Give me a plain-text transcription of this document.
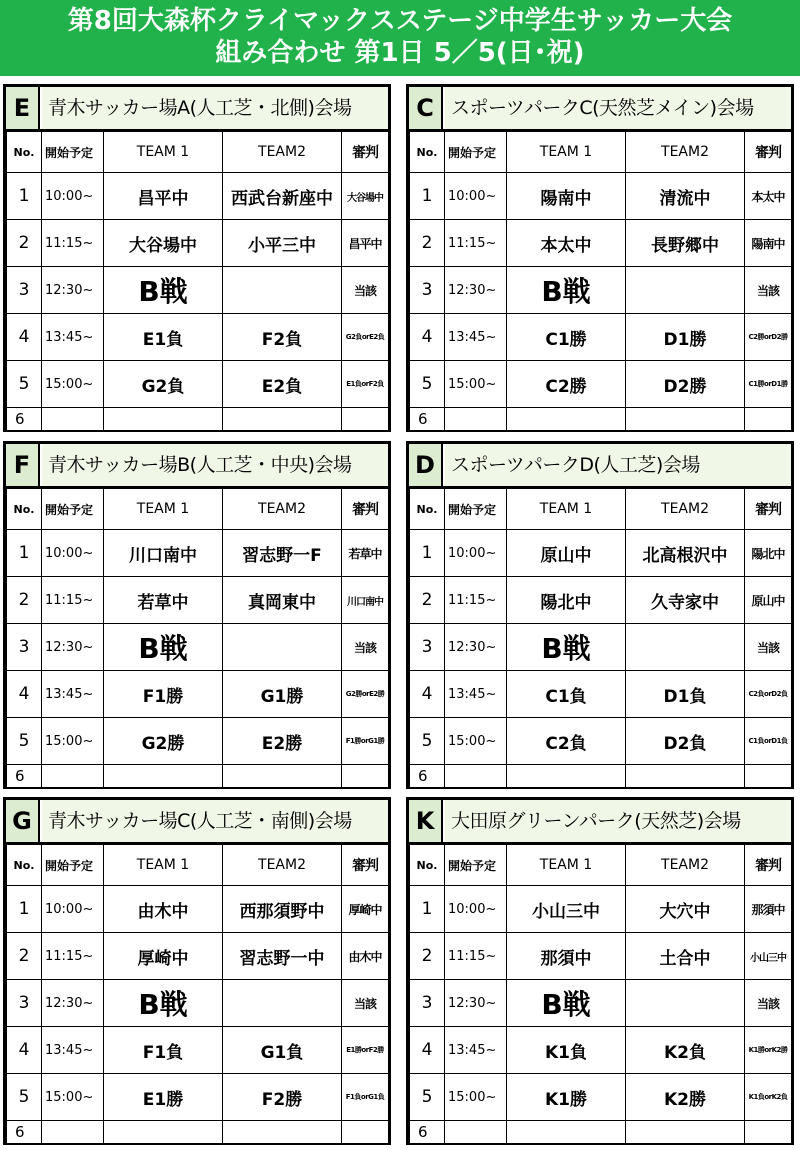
第8回大森杯クライマックスステージ中学生サッカー大会
組み合わせ 第1日 5／5(日･祝)
E 青木サッカー場A(人工芝・北側)会場
No.	開始予定	TEAM 1	TEAM2	審判
1	10:00~	昌平中	西武台新座中	大谷場中
2	11:15~	大谷場中	小平三中	昌平中
3	12:30~	B戦		当該
4	13:45~	E1負	F2負	G2負orE2負
5	15:00~	G2負	E2負	E1負orF2負
6				
C スポーツパークC(天然芝メイン)会場
No.	開始予定	TEAM 1	TEAM2	審判
1	10:00~	陽南中	清流中	本太中
2	11:15~	本太中	長野郷中	陽南中
3	12:30~	B戦		当該
4	13:45~	C1勝	D1勝	C2勝orD2勝
5	15:00~	C2勝	D2勝	C1勝orD1勝
6				
F 青木サッカー場B(人工芝・中央)会場
No.	開始予定	TEAM 1	TEAM2	審判
1	10:00~	川口南中	習志野一F	若草中
2	11:15~	若草中	真岡東中	川口南中
3	12:30~	B戦		当該
4	13:45~	F1勝	G1勝	G2勝orE2勝
5	15:00~	G2勝	E2勝	F1勝orG1勝
6				
D スポーツパークD(人工芝)会場
No.	開始予定	TEAM 1	TEAM2	審判
1	10:00~	原山中	北高根沢中	陽北中
2	11:15~	陽北中	久寺家中	原山中
3	12:30~	B戦		当該
4	13:45~	C1負	D1負	C2負orD2負
5	15:00~	C2負	D2負	C1負orD1負
6				
G 青木サッカー場C(人工芝・南側)会場
No.	開始予定	TEAM 1	TEAM2	審判
1	10:00~	由木中	西那須野中	厚崎中
2	11:15~	厚崎中	習志野一中	由木中
3	12:30~	B戦		当該
4	13:45~	F1負	G1負	E1勝orF2勝
5	15:00~	E1勝	F2勝	F1負orG1負
6				
K 大田原グリーンパーク(天然芝)会場
No.	開始予定	TEAM 1	TEAM2	審判
1	10:00~	小山三中	大穴中	那須中
2	11:15~	那須中	土合中	小山三中
3	12:30~	B戦		当該
4	13:45~	K1負	K2負	K1勝orK2勝
5	15:00~	K1勝	K2勝	K1負orK2負
6				
